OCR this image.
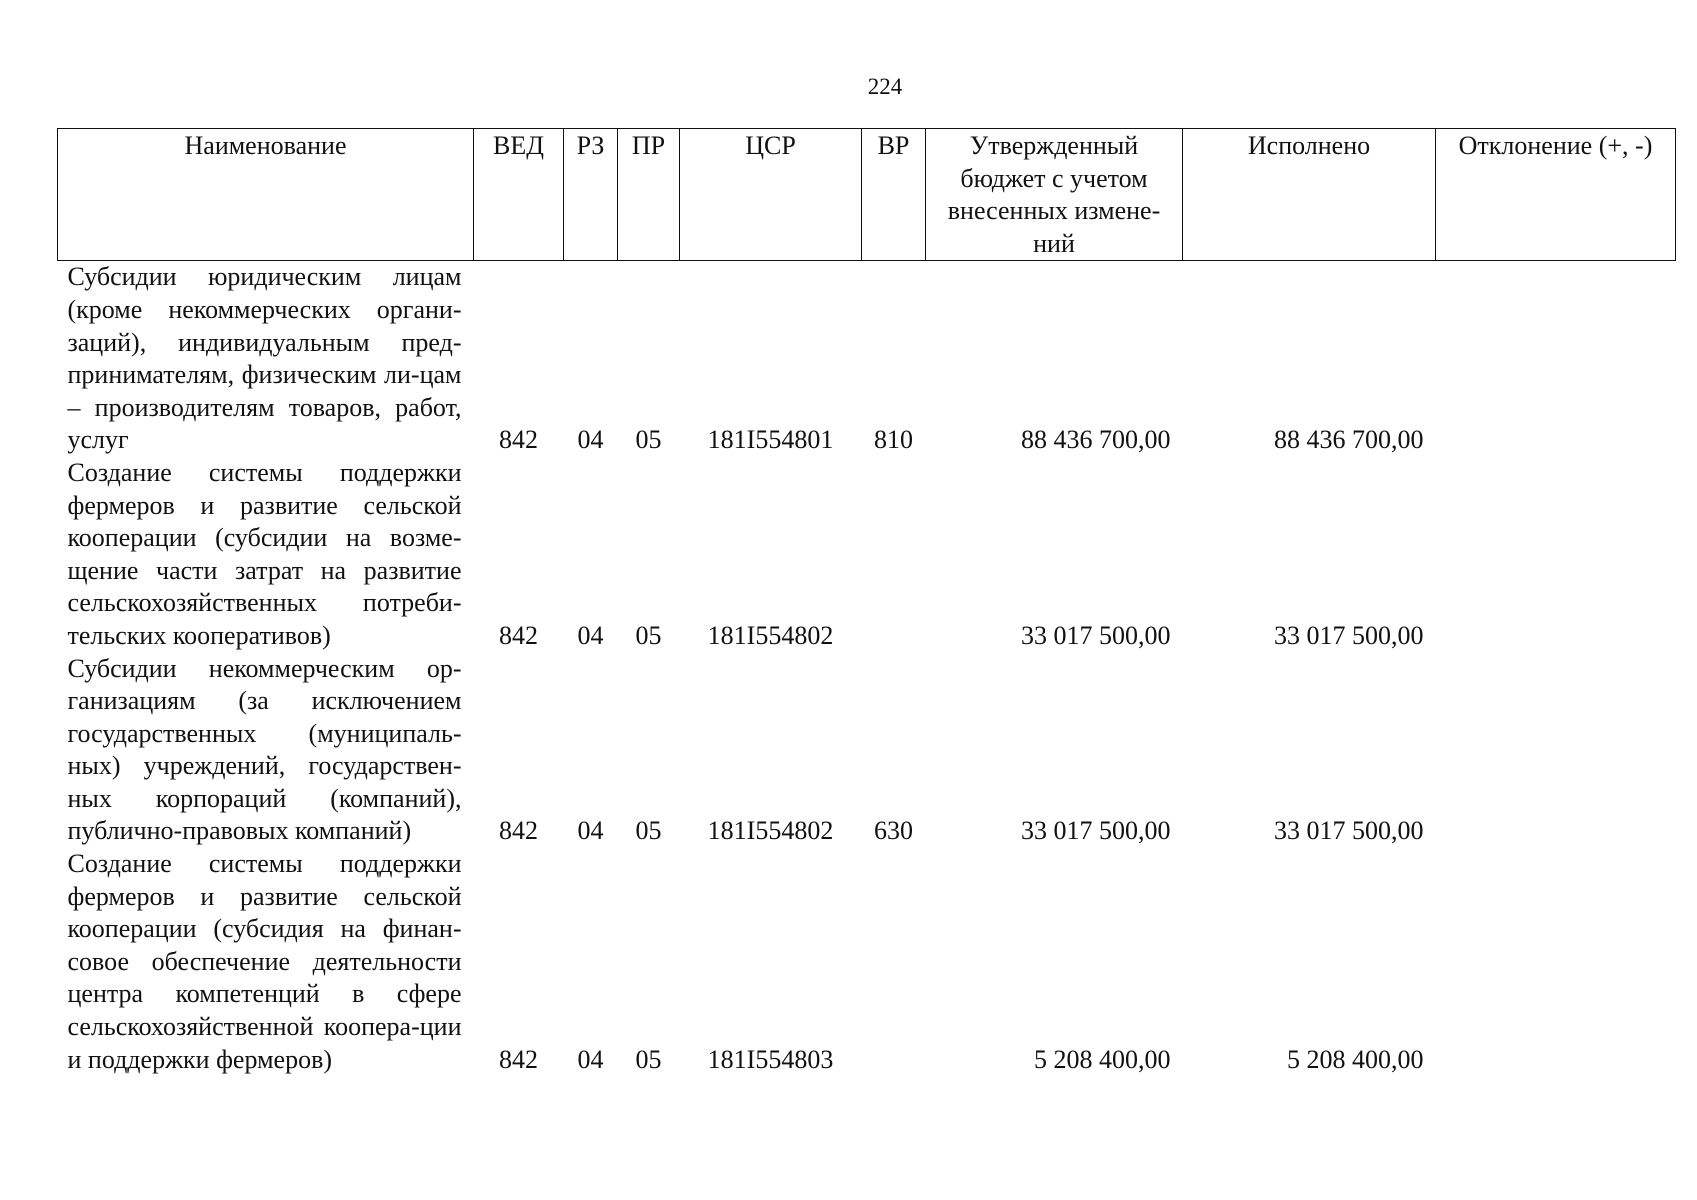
224
Наименование	ВЕД	РЗ	ПР	ЦСР	ВР	Утвержденный бюджет с учетом внесенных измене-ний	Исполнено	Отклонение (+, -)
Субсидии юридическим лицам (кроме некоммерческих органи-заций), индивидуальным пред-принимателям, физическим ли-цам – производителям товаров, работ, услуг	842	04	05	181I554801	810	88 436 700,00	88 436 700,00	
Создание системы поддержки фермеров и развитие сельской кооперации (субсидии на возме-щение части затрат на развитие сельскохозяйственных потреби-тельских кооперативов)	842	04	05	181I554802		33 017 500,00	33 017 500,00	
Субсидии некоммерческим ор-ганизациям (за исключением государственных (муниципаль-ных) учреждений, государствен-ных корпораций (компаний), публично-правовых компаний)	842	04	05	181I554802	630	33 017 500,00	33 017 500,00	
Создание системы поддержки фермеров и развитие сельской кооперации (субсидия на финан-совое обеспечение деятельности центра компетенций в сфере сельскохозяйственной коопера-ции и поддержки фермеров)	842	04	05	181I554803		5 208 400,00	5 208 400,00	
